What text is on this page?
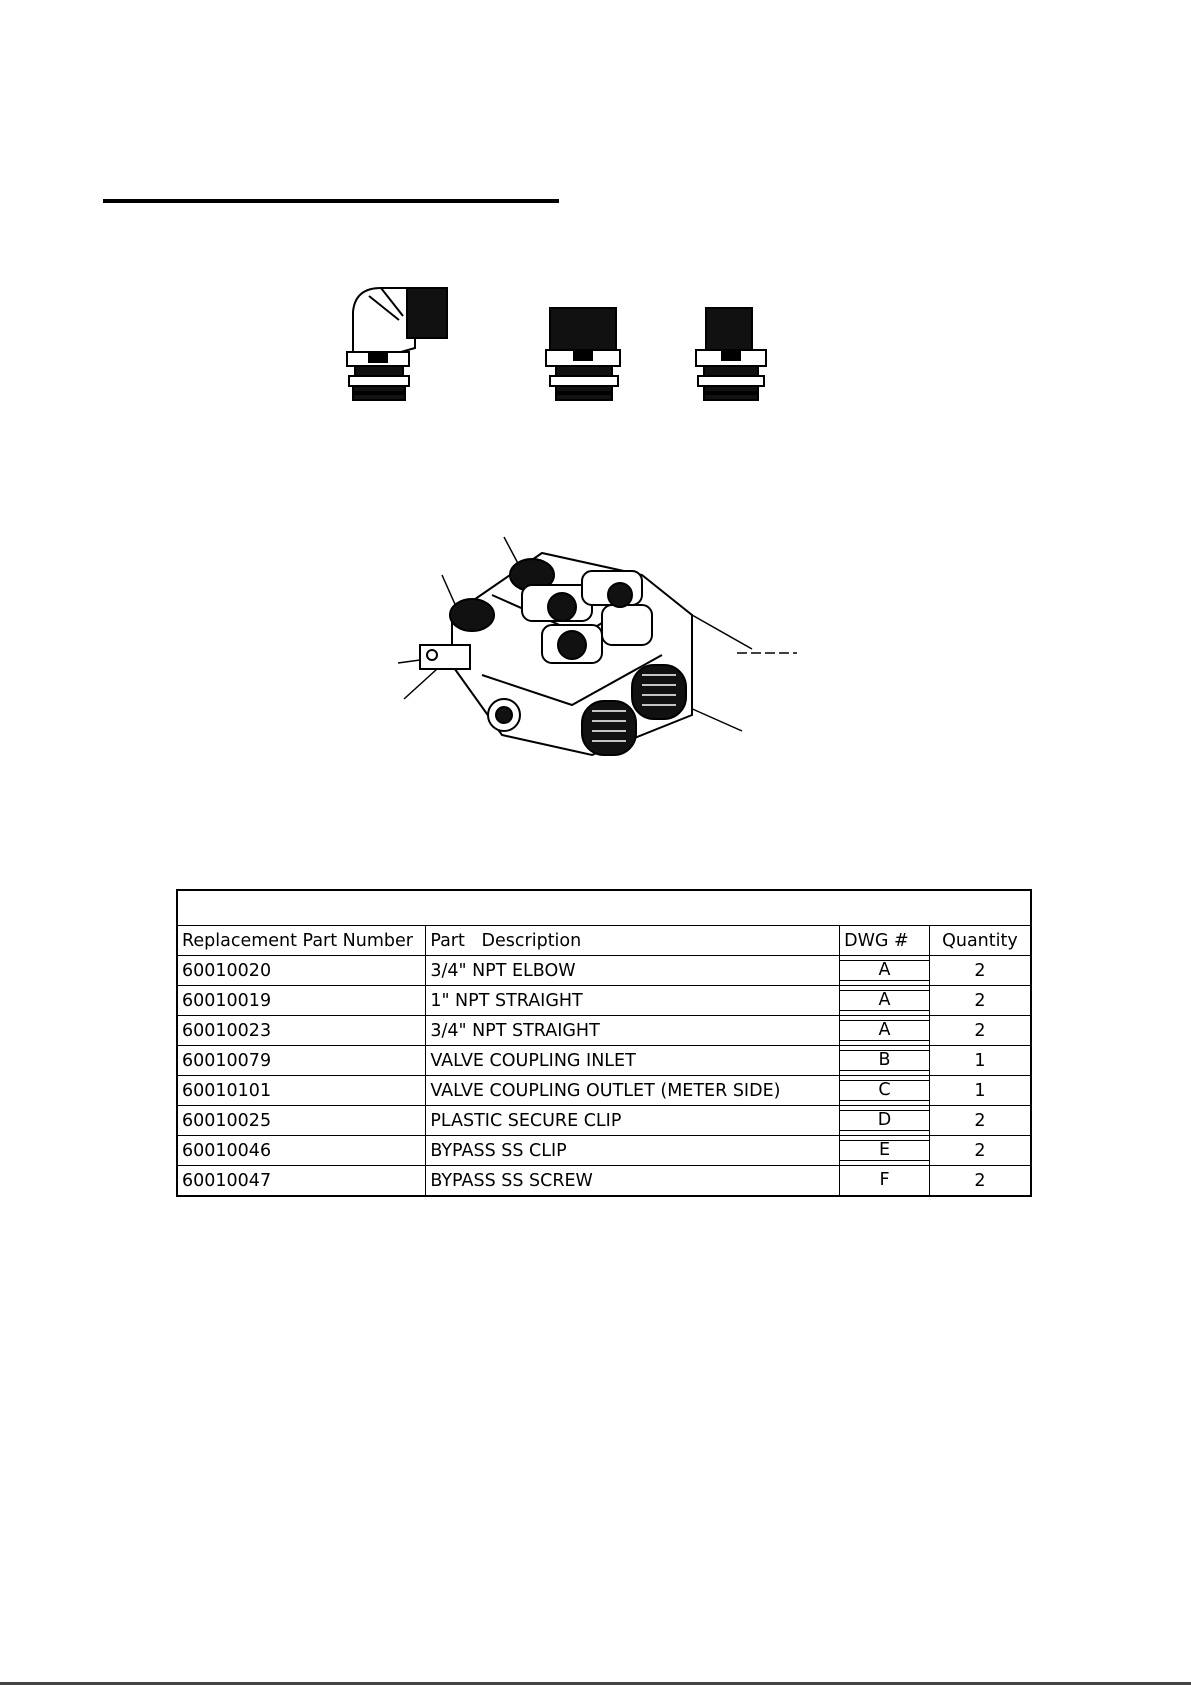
Replacement Part Number	Part   Description	DWG #	Quantity
60010020	3/4" NPT ELBOW	A	2
60010019	1" NPT STRAIGHT	A	2
60010023	3/4" NPT STRAIGHT	A	2
60010079	VALVE COUPLING INLET	B	1
60010101	VALVE COUPLING OUTLET (METER SIDE)	C	1
60010025	PLASTIC SECURE CLIP	D	2
60010046	BYPASS SS CLIP	E	2
60010047	BYPASS SS SCREW	F	2
